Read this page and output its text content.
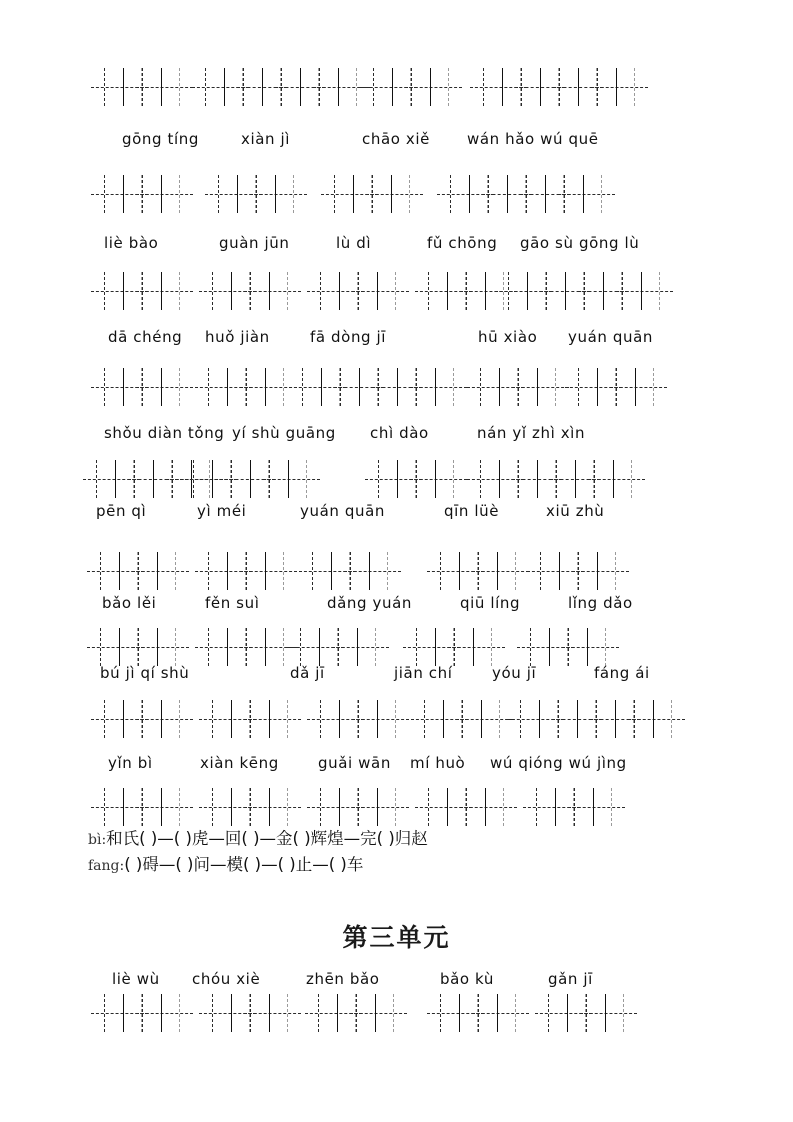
gōng tíng	xiàn jì	chāo xiě wán hǎo wú quē
liè bào	guàn jūn	lù dì	fǔ chōng gāo sù gōng lù
dā chéng huǒ jiàn	fā dòng jī	hū xiào yuán quān
shǒu diàn tǒng yí shù guāng chì dào	nán yǐ zhì xìn
pēn qì	yì méi	yuán quān	qīn lüè	xiū zhù
bǎo lěi	fěn suì	dǎng yuán	qiū líng	lǐng dǎo
bú jì qí shù	dǎ jī	jiān chí	yóu jī	fáng ái
yǐn bì	xiàn kēng	guǎi wān mí huò wú qióng wú jìng
bì:和氏( )—( )虎—回( )—金( )辉煌—完( )归赵
fang:( )碍—( )问—模( )—( )止—( )车
第三单元
liè wù chóu xiè	zhēn bǎo	bǎo kù	gǎn jī
